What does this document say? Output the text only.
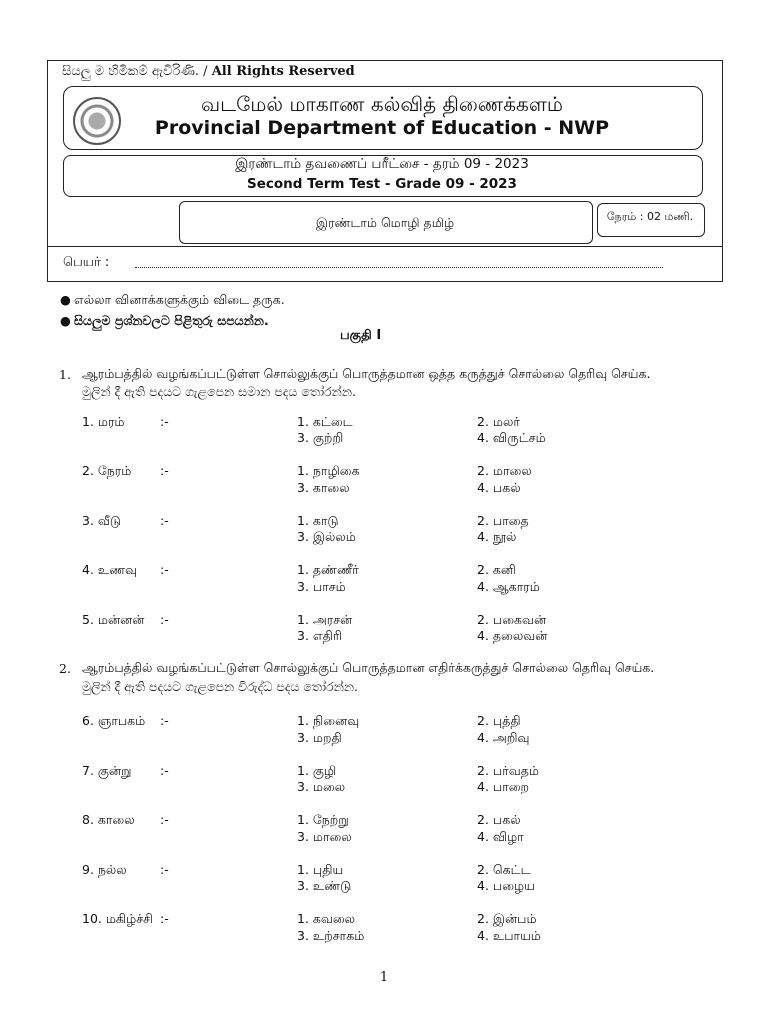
සියලු ම හිමිකම් ඇවිරිණි. / All Rights Reserved
வடமேல் மாகாண கல்வித் திணைக்களம்
Provincial Department of Education - NWP
இரண்டாம் தவணைப் பரீட்சை - தரம் 09 - 2023
Second Term Test - Grade 09 - 2023
இரண்டாம் மொழி தமிழ்	நேரம் : 02 மணி.
பெயர் :
● எல்லா வினாக்களுக்கும் விடை தருக.
● සියලුම ප්‍රශ්නවලට පිළිතුරු සපයන්න.
பகுதி I
1. ஆரம்பத்தில் வழங்கப்பட்டுள்ள சொல்லுக்குப் பொருத்தமான ஒத்த கருத்துச் சொல்லை தெரிவு செய்க.
මුලින් දී ඇති පදයට ගැළපෙන සමාන පදය තෝරන්න.
1. மரம்	:-	1. கட்டை	2. மலர்
3. குற்றி	4. விருட்சம்
2. நேரம் :-	1. நாழிகை	2. மாலை
3. காலை	4. பகல்
3. வீடு	:-	1. காடு	2. பாதை
3. இல்லம்	4. நூல்
4. உணவு :-	1. தண்ணீர்	2. கனி
3. பாசம்	4. ஆகாரம்
5. மன்னன் :-	1. அரசன்	2. பகைவன்
3. எதிரி	4. தலைவன்
2. ஆரம்பத்தில் வழங்கப்பட்டுள்ள சொல்லுக்குப் பொருத்தமான எதிர்க்கருத்துச் சொல்லை தெரிவு செய்க.
මුලින් දී ඇති පදයට ගැළපෙන විරුද්ධ පදය තෝරන්න.
6. ஞாபகம் :-	1. நினைவு	2. புத்தி
3. மறதி	4. அறிவு
7. குன்று :-	1. குழி	2. பர்வதம்
3. மலை	4. பாறை
8. காலை :-	1. நேற்று	2. பகல்
3. மாலை	4. விழா
9. நல்ல	:-	1. புதிய	2. கெட்ட
3. உண்டு	4. பழைய
10. மகிழ்ச்சி :-	1. கவலை	2. இன்பம்
3. உற்சாகம்	4. உபாயம்
1
